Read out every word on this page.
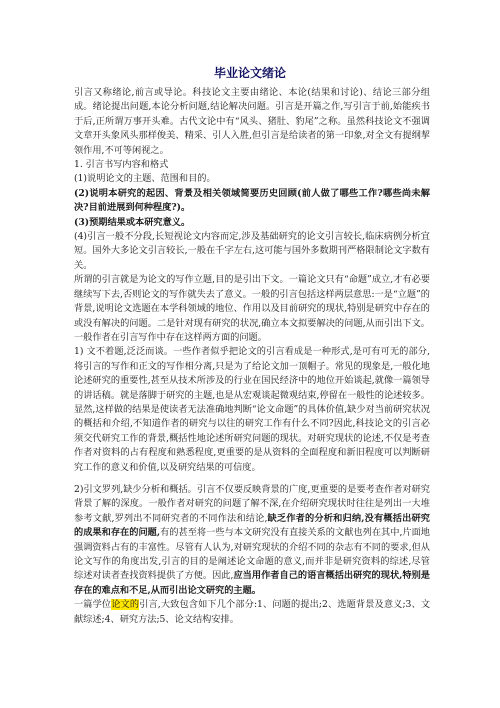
毕业论文绪论

引言又称绪论,前言或导论。科技论文主要由绪论、本论(结果和讨论)、结论三部分组成。绪论提出问题,本论分析问题,结论解决问题。引言是开篇之作,写引言于前,始能疾书于后,正所谓万事开头难。古代文论中有“风头、猪肚、豹尾”之称。虽然科技论文不强调文章开头象风头那样俊美、精采、引人入胜,但引言是给读者的第一印象,对全文有提纲挈领作用,不可等闲视之。

1. 引言书写内容和格式

(1)说明论文的主题、范围和目的。

(2)说明本研究的起因、背景及相关领域简要历史回顾(前人做了哪些工作?哪些尚未解决?目前进展到何种程度?)。

(3)预期结果或本研究意义。

(4)引言一般不分段,长短视论文内容而定,涉及基础研究的论文引言较长,临床病例分析宜短。国外大多论文引言较长,一般在千字左右,这可能与国外多数期刊严格限制论文字数有关。

所谓的引言就是为论文的写作立题,目的是引出下文。一篇论文只有“命题”成立,才有必要继续写下去,否则论文的写作就失去了意义。一般的引言包括这样两层意思:一是“立题”的背景,说明论文选题在本学科领域的地位、作用以及目前研究的现状,特别是研究中存在的或没有解决的问题。二是针对现有研究的状况,确立本文拟要解决的问题,从而引出下文。一般作者在引言写作中存在这样两方面的问题。

1) 文不着题,泛泛而谈。一些作者似乎把论文的引言看成是一种形式,是可有可无的部分,将引言的写作和正文的写作相分离,只是为了给论文加一顶帽子。常见的现象是,一般化地论述研究的重要性,甚至从技术所涉及的行业在国民经济中的地位开始谈起,就像一篇领导的讲话稿。就是落脚于研究的主题,也是从宏观谈起微观结束,停留在一般性的论述较多。显然,这样做的结果是使读者无法准确地判断“论文命题”的具体价值,缺少对当前研究状况的概括和介绍,不知道作者的研究与以往的研究工作有什么不同?因此,科技论文的引言必须交代研究工作的背景,概括性地论述所研究问题的现状。对研究现状的论述,不仅是考查作者对资料的占有程度和熟悉程度,更重要的是从资料的全面程度和新旧程度可以判断研究工作的意义和价值,以及研究结果的可信度。

2)引文罗列,缺少分析和概括。引言不仅要反映背景的广度,更重要的是要考查作者对研究背景了解的深度。一般作者对研究的问题了解不深,在介绍研究现状时往往是列出一大堆参考文献,罗列出不同研究者的不同作法和结论,缺乏作者的分析和归纳,没有概括出研究的成果和存在的问题,有的甚至将一些与本文研究没有直接关系的文献也列在其中,片面地强调资料占有的丰富性。尽管有人认为,对研究现状的介绍不同的杂志有不同的要求,但从论文写作的角度出发,引言的目的是阐述论文命题的意义,而并非是研究资料的综述,尽管综述对读者查找资料提供了方便。因此,应当用作者自己的语言概括出研究的现状,特别是存在的难点和不足,从而引出论文研究的主题。

一篇学位论文的引言,大致包含如下几个部分:1、问题的提出;2、选题背景及意义;3、文献综述;4、研究方法;5、论文结构安排。
